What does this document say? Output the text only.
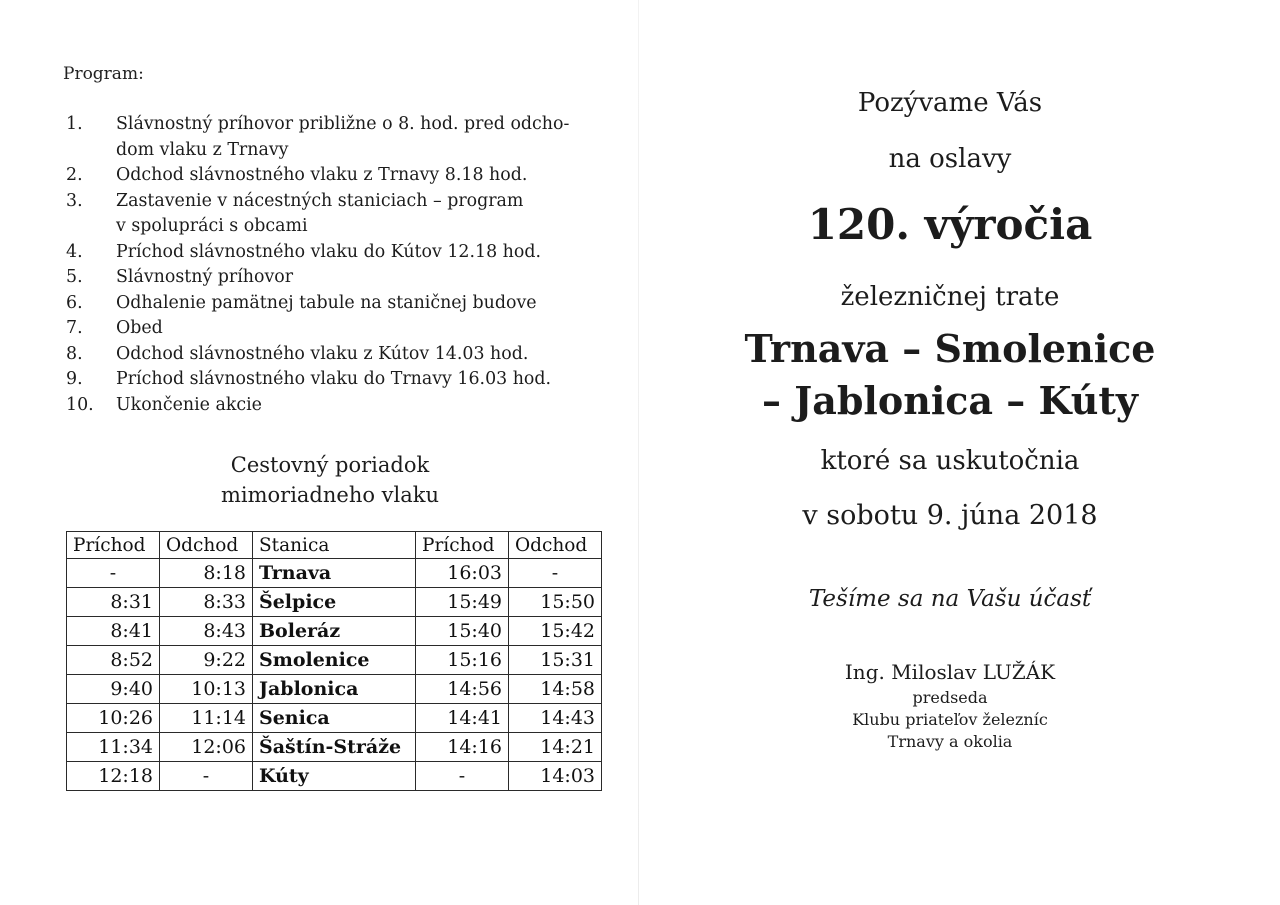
Program:
1.	Slávnostný príhovor približne o 8. hod. pred odcho-
dom vlaku z Trnavy
2.	Odchod slávnostného vlaku z Trnavy 8.18 hod.
3.	Zastavenie v nácestných staniciach – program
v spolupráci s obcami
4.	Príchod slávnostného vlaku do Kútov 12.18 hod.
5.	Slávnostný príhovor
6.	Odhalenie pamätnej tabule na staničnej budove
7.	Obed
8.	Odchod slávnostného vlaku z Kútov 14.03 hod.
9.	Príchod slávnostného vlaku do Trnavy 16.03 hod.
10.	Ukončenie akcie
Cestovný poriadok
mimoriadneho vlaku
Príchod	Odchod	Stanica	Príchod	Odchod
-	8:18	Trnava	16:03	-
8:31	8:33	Šelpice	15:49	15:50
8:41	8:43	Boleráz	15:40	15:42
8:52	9:22	Smolenice	15:16	15:31
9:40	10:13	Jablonica	14:56	14:58
10:26	11:14	Senica	14:41	14:43
11:34	12:06	Šaštín-Stráže	14:16	14:21
12:18	-	Kúty	-	14:03
Pozývame Vás
na oslavy
120. výročia
železničnej trate
Trnava – Smolenice
– Jablonica – Kúty
ktoré sa uskutočnia
v sobotu 9. júna 2018
Tešíme sa na Vašu účasť
Ing. Miloslav LUŽÁK
predseda
Klubu priateľov železníc
Trnavy a okolia
